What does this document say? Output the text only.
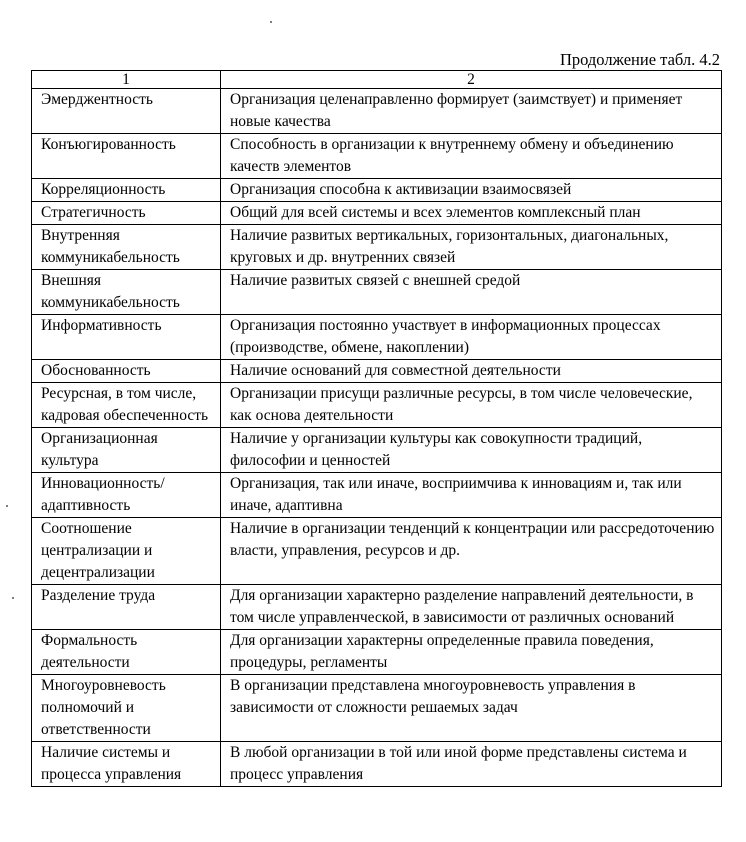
Продолжение табл. 4.2
1	2
Эмерджентность	Организация целенаправленно формирует (заимствует) и применяет новые качества
Конъюгированность	Способность в организации к внутреннему обмену и объединению качеств элементов
Корреляционность	Организация способна к активизации взаимосвязей
Стратегичность	Общий для всей системы и всех элементов комплексный план
Внутренняя коммуникабельность	Наличие развитых вертикальных, горизонтальных, диагональных, круговых и др. внутренних связей
Внешняя коммуникабельность	Наличие развитых связей с внешней средой
Информативность	Организация постоянно участвует в информационных процессах (производстве, обмене, накоплении)
Обоснованность	Наличие оснований для совместной деятельности
Ресурсная, в том числе, кадровая обеспеченность	Организации присущи различные ресурсы, в том числе человеческие, как основа деятельности
Организационная культура	Наличие у организации культуры как совокупности традиций, философии и ценностей
Инновационность/ адаптивность	Организация, так или иначе, восприимчива к инновациям и, так или иначе, адаптивна
Соотношение централизации и децентрализации	Наличие в организации тенденций к концентрации или рассредоточению власти, управления, ресурсов и др.
Разделение труда	Для организации характерно разделение направлений деятельности, в том числе управленческой, в зависимости от различных оснований
Формальность деятельности	Для организации характерны определенные правила поведения, процедуры, регламенты
Многоуровневость полномочий и ответственности	В организации представлена многоуровневость управления в зависимости от сложности решаемых задач
Наличие системы и процесса управления	В любой организации в той или иной форме представлены система и процесс управления
